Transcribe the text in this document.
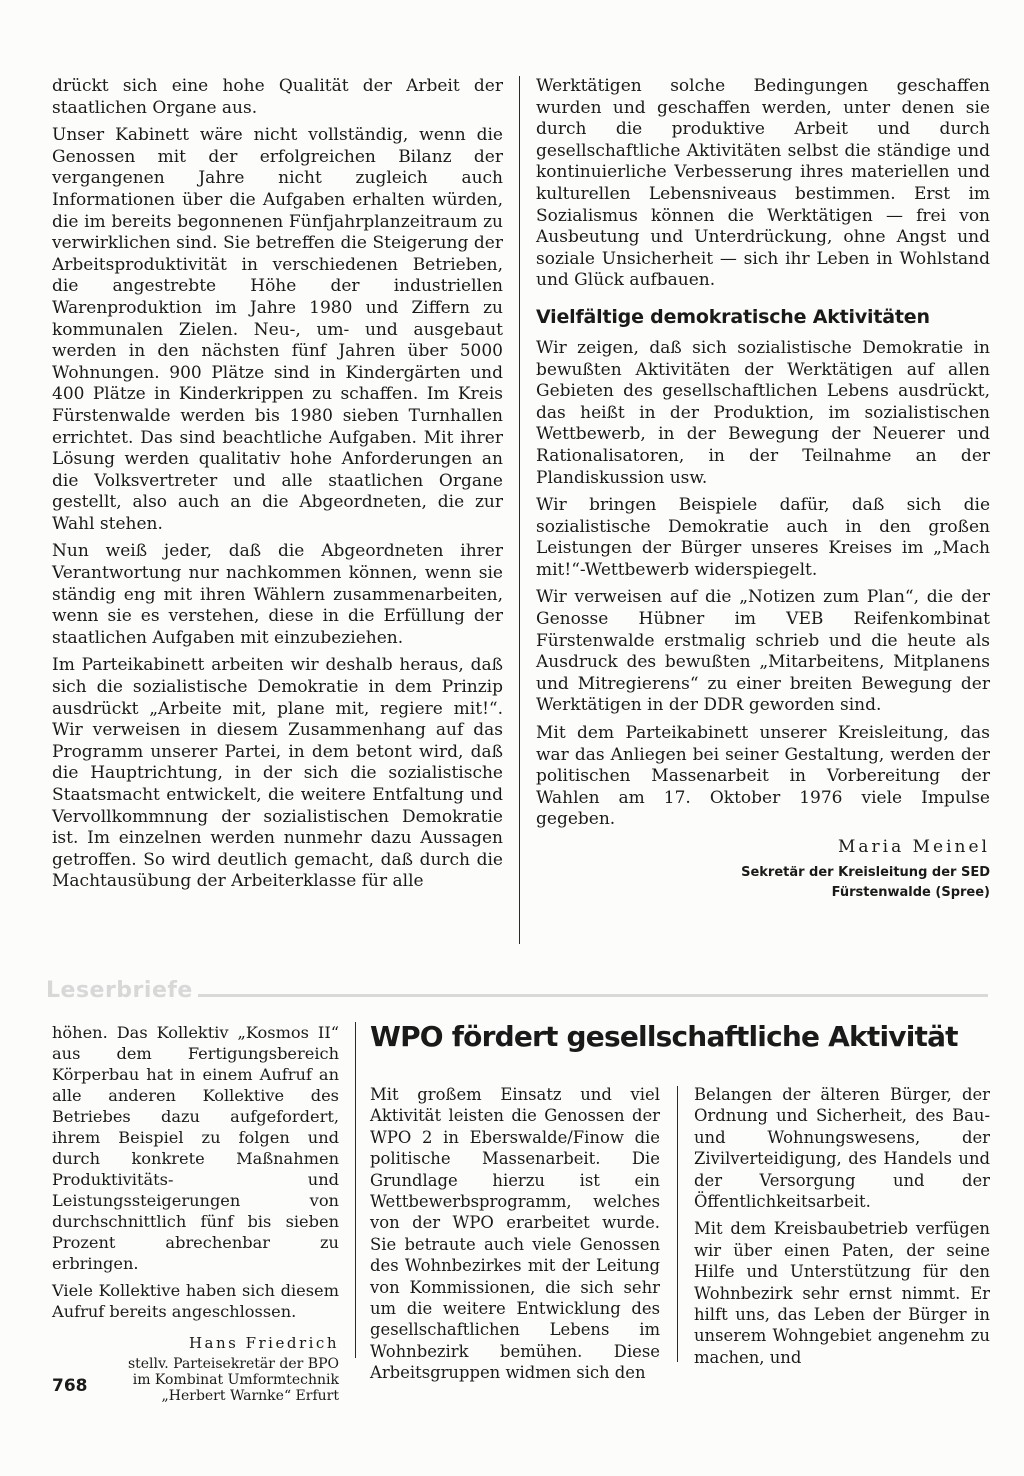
drückt sich eine hohe Qualität der Arbeit der staatlichen Organe aus.

Unser Kabinett wäre nicht vollständig, wenn die Genossen mit der erfolgreichen Bilanz der vergangenen Jahre nicht zugleich auch Informationen über die Aufgaben erhalten würden, die im bereits begonnenen Fünfjahrplanzeitraum zu verwirklichen sind. Sie betreffen die Steigerung der Arbeitsproduktivität in verschiedenen Betrieben, die angestrebte Höhe der industriellen Warenproduktion im Jahre 1980 und Ziffern zu kommunalen Zielen. Neu-, um- und ausgebaut werden in den nächsten fünf Jahren über 5000 Wohnungen. 900 Plätze sind in Kindergärten und 400 Plätze in Kinderkrippen zu schaffen. Im Kreis Fürstenwalde werden bis 1980 sieben Turnhallen errichtet. Das sind beachtliche Aufgaben. Mit ihrer Lösung werden qualitativ hohe Anforderungen an die Volksvertreter und alle staatlichen Organe gestellt, also auch an die Abgeordneten, die zur Wahl stehen.

Nun weiß jeder, daß die Abgeordneten ihrer Verantwortung nur nachkommen können, wenn sie ständig eng mit ihren Wählern zusammenarbeiten, wenn sie es verstehen, diese in die Erfüllung der staatlichen Aufgaben mit einzubeziehen.

Im Parteikabinett arbeiten wir deshalb heraus, daß sich die sozialistische Demokratie in dem Prinzip ausdrückt „Arbeite mit, plane mit, regiere mit!“. Wir verweisen in diesem Zusammenhang auf das Programm unserer Partei, in dem betont wird, daß die Hauptrichtung, in der sich die sozialistische Staatsmacht entwickelt, die weitere Entfaltung und Vervollkommnung der sozialistischen Demokratie ist. Im einzelnen werden nunmehr dazu Aussagen getroffen. So wird deutlich gemacht, daß durch die Machtausübung der Arbeiterklasse für alle

Werktätigen solche Bedingungen geschaffen wurden und geschaffen werden, unter denen sie durch die produktive Arbeit und durch gesellschaftliche Aktivitäten selbst die ständige und kontinuierliche Verbesserung ihres materiellen und kulturellen Lebensniveaus bestimmen. Erst im Sozialismus können die Werktätigen — frei von Ausbeutung und Unterdrückung, ohne Angst und soziale Unsicherheit — sich ihr Leben in Wohlstand und Glück aufbauen.

Vielfältige demokratische Aktivitäten

Wir zeigen, daß sich sozialistische Demokratie in bewußten Aktivitäten der Werktätigen auf allen Gebieten des gesellschaftlichen Lebens ausdrückt, das heißt in der Produktion, im sozialistischen Wettbewerb, in der Bewegung der Neuerer und Rationalisatoren, in der Teilnahme an der Plandiskussion usw.

Wir bringen Beispiele dafür, daß sich die sozialistische Demokratie auch in den großen Leistungen der Bürger unseres Kreises im „Mach mit!“-Wettbewerb widerspiegelt.

Wir verweisen auf die „Notizen zum Plan“, die der Genosse Hübner im VEB Reifenkombinat Fürstenwalde erstmalig schrieb und die heute als Ausdruck des bewußten „Mitarbeitens, Mitplanens und Mitregierens“ zu einer breiten Bewegung der Werktätigen in der DDR geworden sind.

Mit dem Parteikabinett unserer Kreisleitung, das war das Anliegen bei seiner Gestaltung, werden der politischen Massenarbeit in Vorbereitung der Wahlen am 17. Oktober 1976 viele Impulse gegeben.

Maria Meinel
Sekretär der Kreisleitung der SED
Fürstenwalde (Spree)
Leserbriefe

höhen. Das Kollektiv „Kosmos II“ aus dem Fertigungsbereich Körperbau hat in einem Aufruf an alle anderen Kollektive des Betriebes dazu aufgefordert, ihrem Beispiel zu folgen und durch konkrete Maßnahmen Produktivitäts- und Leistungssteigerungen von durchschnittlich fünf bis sieben Prozent abrechenbar zu erbringen.

Viele Kollektive haben sich diesem Aufruf bereits angeschlossen.

Hans Friedrich
stellv. Parteisekretär der BPO
im Kombinat Umformtechnik
„Herbert Warnke“ Erfurt
WPO fördert gesellschaftliche Aktivität

Mit großem Einsatz und viel Aktivität leisten die Genossen der WPO 2 in Eberswalde/Finow die politische Massenarbeit. Die Grundlage hierzu ist ein Wettbewerbsprogramm, welches von der WPO erarbeitet wurde. Sie betraute auch viele Genossen des Wohnbezirkes mit der Leitung von Kommissionen, die sich sehr um die weitere Entwicklung des gesellschaftlichen Lebens im Wohnbezirk bemühen. Diese Arbeitsgruppen widmen sich den

Belangen der älteren Bürger, der Ordnung und Sicherheit, des Bau- und Wohnungswesens, der Zivilverteidigung, des Handels und der Versorgung und der Öffentlichkeitsarbeit.

Mit dem Kreisbaubetrieb verfügen wir über einen Paten, der seine Hilfe und Unterstützung für den Wohnbezirk sehr ernst nimmt. Er hilft uns, das Leben der Bürger in unserem Wohngebiet angenehm zu machen, und

768
